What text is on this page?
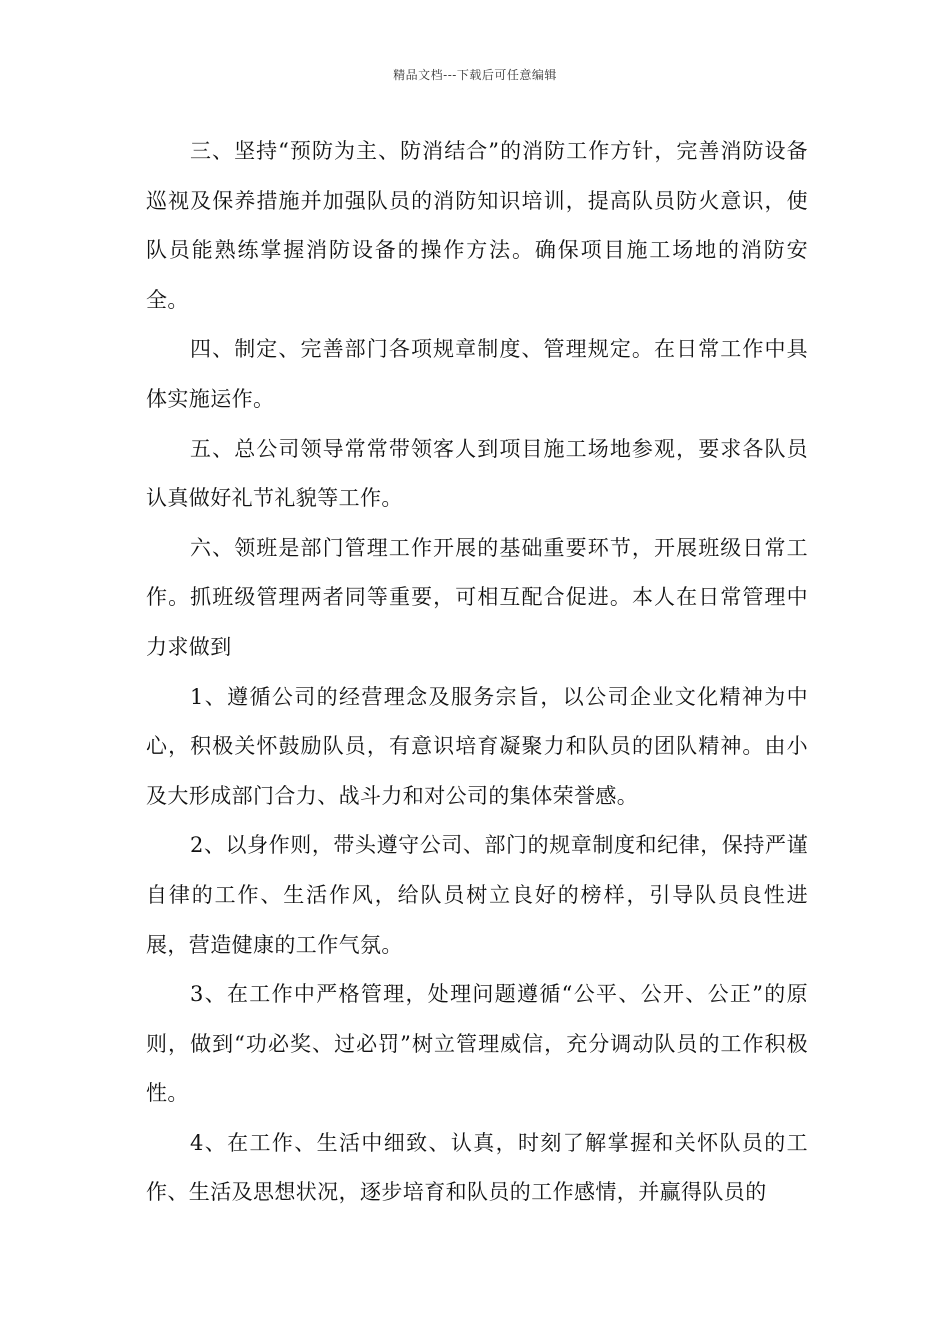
精品文档---下载后可任意编辑

三、坚持“预防为主、防消结合”的消防工作方针，完善消防设备巡视及保养措施并加强队员的消防知识培训，提高队员防火意识，使队员能熟练掌握消防设备的操作方法。确保项目施工场地的消防安全。

四、制定、完善部门各项规章制度、管理规定。在日常工作中具体实施运作。

五、总公司领导常常带领客人到项目施工场地参观，要求各队员认真做好礼节礼貌等工作。

六、领班是部门管理工作开展的基础重要环节，开展班级日常工作。抓班级管理两者同等重要，可相互配合促进。本人在日常管理中力求做到

1、遵循公司的经营理念及服务宗旨，以公司企业文化精神为中心，积极关怀鼓励队员，有意识培育凝聚力和队员的团队精神。由小及大形成部门合力、战斗力和对公司的集体荣誉感。

2、以身作则，带头遵守公司、部门的规章制度和纪律，保持严谨自律的工作、生活作风，给队员树立良好的榜样，引导队员良性进展，营造健康的工作气氛。

3、在工作中严格管理，处理问题遵循“公平、公开、公正”的原则，做到“功必奖、过必罚”树立管理威信，充分调动队员的工作积极性。

4、在工作、生活中细致、认真，时刻了解掌握和关怀队员的工作、生活及思想状况，逐步培育和队员的工作感情，并赢得队员的
